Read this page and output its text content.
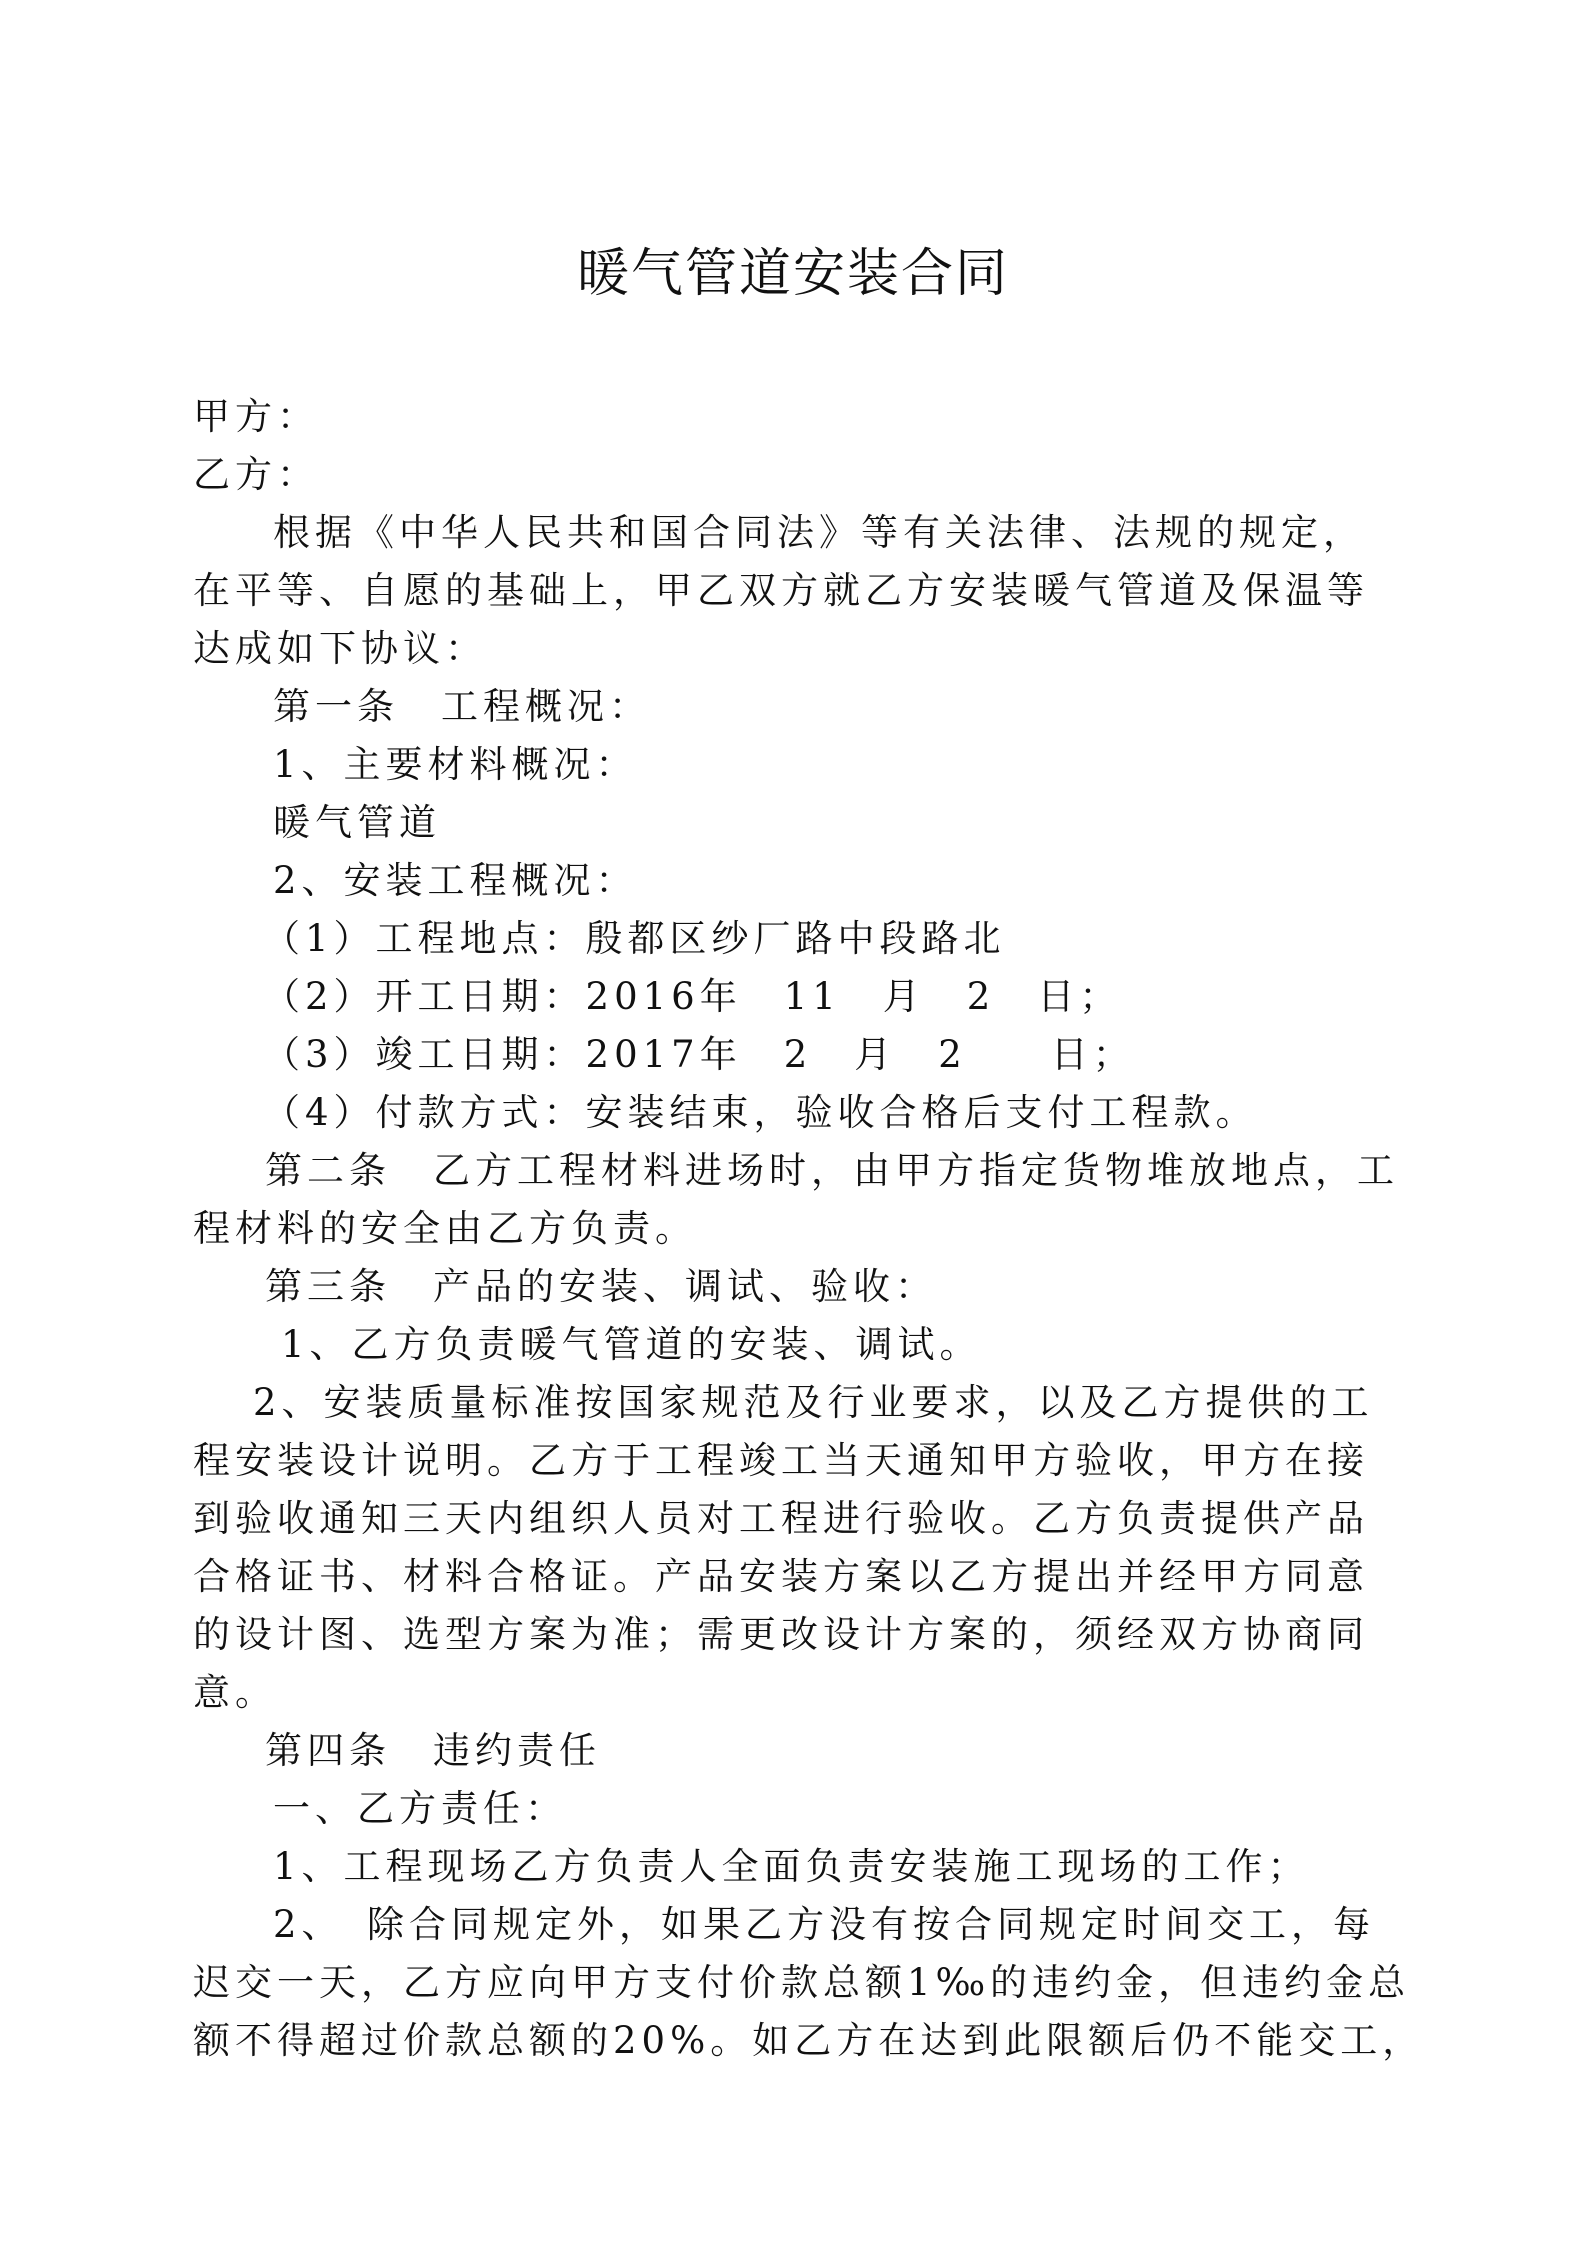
暖气管道安装合同

甲方：

乙方：

根据《中华人民共和国合同法》等有关法律、法规的规定，

在平等、自愿的基础上，甲乙双方就乙方安装暖气管道及保温等

达成如下协议：

第一条　工程概况：

1、主要材料概况：

暖气管道

2、安装工程概况：

（1）工程地点：殷都区纱厂路中段路北

（2）开工日期：2016年　11　月　2　日；

（3）竣工日期：2017年　2　月　2　　日；

（4）付款方式：安装结束，验收合格后支付工程款。

第二条　乙方工程材料进场时，由甲方指定货物堆放地点，工

程材料的安全由乙方负责。

第三条　产品的安装、调试、验收：

1、乙方负责暖气管道的安装、调试。

2、安装质量标准按国家规范及行业要求，以及乙方提供的工

程安装设计说明。乙方于工程竣工当天通知甲方验收，甲方在接

到验收通知三天内组织人员对工程进行验收。乙方负责提供产品

合格证书、材料合格证。产品安装方案以乙方提出并经甲方同意

的设计图、选型方案为准；需更改设计方案的，须经双方协商同

意。

第四条　违约责任

一、乙方责任：

1、工程现场乙方负责人全面负责安装施工现场的工作；

2、　除合同规定外，如果乙方没有按合同规定时间交工，每

迟交一天，乙方应向甲方支付价款总额1‰的违约金，但违约金总

额不得超过价款总额的20%。如乙方在达到此限额后仍不能交工，
